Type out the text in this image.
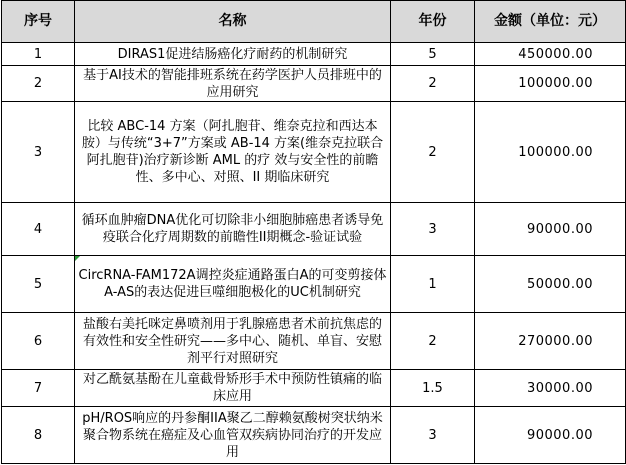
序号	名称	年份	金额（单位：元）
1	DIRAS1促进结肠癌化疗耐药的机制研究	5	450000.00
2	基于AI技术的智能排班系统在药学医护人员排班中的应用研究	2	100000.00
3	比较 ABC-14 方案（阿扎胞苷、维奈克拉和西达本胺）与传统“3+7”方案或 AB-14 方案(维奈克拉联合阿扎胞苷)治疗新诊断 AML 的疗 效与安全性的前瞻性、多中心、对照、II 期临床研究	2	100000.00
4	循环血肿瘤DNA优化可切除非小细胞肺癌患者诱导免疫联合化疗周期数的前瞻性II期概念-验证试验	3	90000.00
5	CircRNA-FAM172A调控炎症通路蛋白A的可变剪接体A-AS的表达促进巨噬细胞极化的UC机制研究	1	50000.00
6	盐酸右美托咪定鼻喷剂用于乳腺癌患者术前抗焦虑的有效性和安全性研究——多中心、随机、单盲、安慰剂平行对照研究	2	270000.00
7	对乙酰氨基酚在儿童截骨矫形手术中预防性镇痛的临床应用	1.5	30000.00
8	pH/ROS响应的丹参酮IIA聚乙二醇赖氨酸树突状纳米聚合物系统在癌症及心血管双疾病协同治疗的开发应用	3	90000.00
